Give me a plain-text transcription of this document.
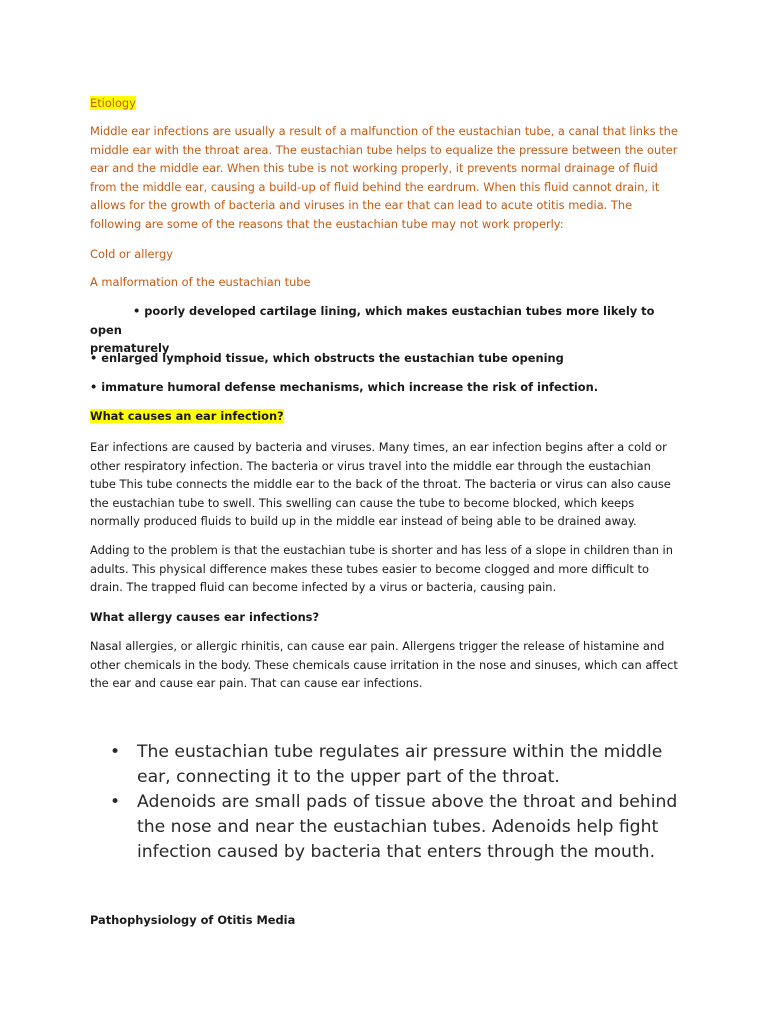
Etiology

Middle ear infections are usually a result of a malfunction of the eustachian tube, a canal that links the middle ear with the throat area. The eustachian tube helps to equalize the pressure between the outer ear and the middle ear. When this tube is not working properly, it prevents normal drainage of fluid from the middle ear, causing a build-up of fluid behind the eardrum. When this fluid cannot drain, it allows for the growth of bacteria and viruses in the ear that can lead to acute otitis media. The following are some of the reasons that the eustachian tube may not work properly:

Cold or allergy

A malformation of the eustachian tube

• poorly developed cartilage lining, which makes eustachian tubes more likely to open
prematurely

• enlarged lymphoid tissue, which obstructs the eustachian tube opening

• immature humoral defense mechanisms, which increase the risk of infection.

What causes an ear infection?

Ear infections are caused by bacteria and viruses. Many times, an ear infection begins after a cold or other respiratory infection. The bacteria or virus travel into the middle ear through the eustachian tube This tube connects the middle ear to the back of the throat. The bacteria or virus can also cause the eustachian tube to swell. This swelling can cause the tube to become blocked, which keeps normally produced fluids to build up in the middle ear instead of being able to be drained away.

Adding to the problem is that the eustachian tube is shorter and has less of a slope in children than in adults. This physical difference makes these tubes easier to become clogged and more difficult to drain. The trapped fluid can become infected by a virus or bacteria, causing pain.

What allergy causes ear infections?

Nasal allergies, or allergic rhinitis, can cause ear pain. Allergens trigger the release of histamine and other chemicals in the body. These chemicals cause irritation in the nose and sinuses, which can affect the ear and cause ear pain. That can cause ear infections.

• The eustachian tube regulates air pressure within the middle ear, connecting it to the upper part of the throat.
• Adenoids are small pads of tissue above the throat and behind the nose and near the eustachian tubes. Adenoids help fight infection caused by bacteria that enters through the mouth.

Pathophysiology of Otitis Media
